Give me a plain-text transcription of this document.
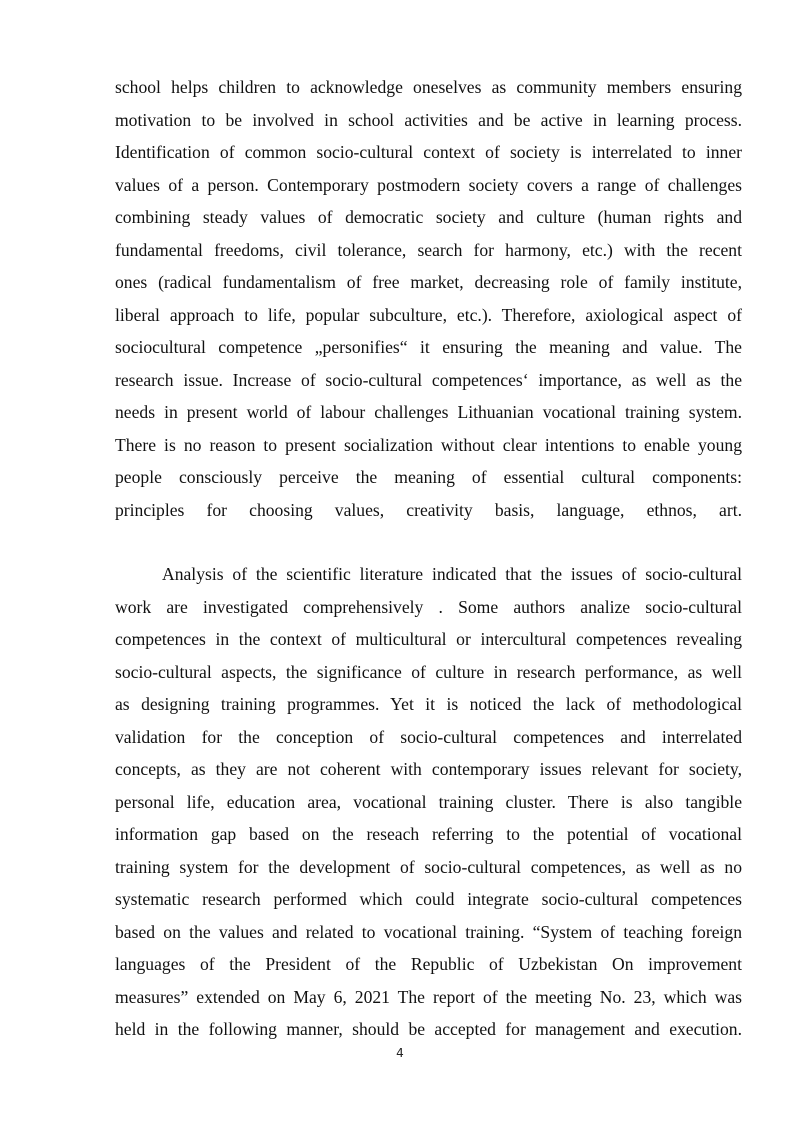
school helps children to acknowledge oneselves as community members ensuring
motivation to be involved in school activities and be active in learning process.
Identification of common socio-cultural context of society is interrelated to inner
values of a person. Contemporary postmodern society covers a range of challenges
combining steady values of democratic society and culture (human rights and
fundamental freedoms, civil tolerance, search for harmony, etc.) with the recent
ones (radical fundamentalism of free market, decreasing role of family institute,
liberal approach to life, popular subculture, etc.). Therefore, axiological aspect of
sociocultural competence „personifies“ it ensuring the meaning and value. The
research issue. Increase of socio-cultural competences‘ importance, as well as the
needs in present world of labour challenges Lithuanian vocational training system.
There is no reason to present socialization without clear intentions to enable young
people consciously perceive the meaning of essential cultural components:
principles for choosing values, creativity basis, language, ethnos, art.
Analysis of the scientific literature indicated that the issues of socio-cultural
work are investigated comprehensively . Some authors analize socio-cultural
competences in the context of multicultural or intercultural competences revealing
socio-cultural aspects, the significance of culture in research performance, as well
as designing training programmes. Yet it is noticed the lack of methodological
validation for the conception of socio-cultural competences and interrelated
concepts, as they are not coherent with contemporary issues relevant for society,
personal life, education area, vocational training cluster. There is also tangible
information gap based on the reseach referring to the potential of vocational
training system for the development of socio-cultural competences, as well as no
systematic research performed which could integrate socio-cultural competences
based on the values and related to vocational training. “System of teaching foreign
languages of the President of the Republic of Uzbekistan On improvement
measures” extended on May 6, 2021 The report of the meeting No. 23, which was
held in the following manner, should be accepted for management and execution.
4
